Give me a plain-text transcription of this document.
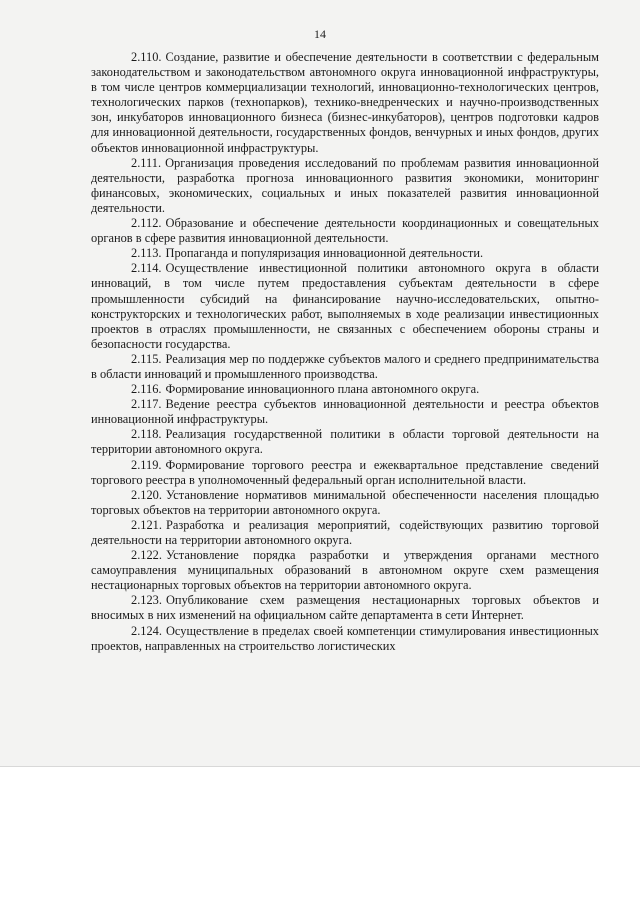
14

2.110. Создание, развитие и обеспечение деятельности в соответствии с федеральным законодательством и законодательством автономного округа инновационной инфраструктуры, в том числе центров коммерциализации технологий, инновационно-технологических центров, технологических парков (технопарков), технико-внедренческих и научно-производственных зон, инкубаторов инновационного бизнеса (бизнес-инкубаторов), центров подготовки кадров для инновационной деятельности, государственных фондов, венчурных и иных фондов, других объектов инновационной инфраструктуры.

2.111. Организация проведения исследований по проблемам развития инновационной деятельности, разработка прогноза инновационного развития экономики, мониторинг финансовых, экономических, социальных и иных показателей развития инновационной деятельности.

2.112. Образование и обеспечение деятельности координационных и совещательных органов в сфере развития инновационной деятельности.

2.113. Пропаганда и популяризация инновационной деятельности.

2.114. Осуществление инвестиционной политики автономного округа в области инноваций, в том числе путем предоставления субъектам деятельности в сфере промышленности субсидий на финансирование научно-исследовательских, опытно-конструкторских и технологических работ, выполняемых в ходе реализации инвестиционных проектов в отраслях промышленности, не связанных с обеспечением обороны страны и безопасности государства.

2.115. Реализация мер по поддержке субъектов малого и среднего предпринимательства в области инноваций и промышленного производства.

2.116. Формирование инновационного плана автономного округа.

2.117. Ведение реестра субъектов инновационной деятельности и реестра объектов инновационной инфраструктуры.

2.118. Реализация государственной политики в области торговой деятельности на территории автономного округа.

2.119. Формирование торгового реестра и ежеквартальное представление сведений торгового реестра в уполномоченный федеральный орган исполнительной власти.

2.120. Установление нормативов минимальной обеспеченности населения площадью торговых объектов на территории автономного округа.

2.121. Разработка и реализация мероприятий, содействующих развитию торговой деятельности на территории автономного округа.

2.122. Установление порядка разработки и утверждения органами местного самоуправления муниципальных образований в автономном округе схем размещения нестационарных торговых объектов на территории автономного округа.

2.123. Опубликование схем размещения нестационарных торговых объектов и вносимых в них изменений на официальном сайте департамента в сети Интернет.

2.124. Осуществление в пределах своей компетенции стимулирования инвестиционных проектов, направленных на строительство логистических
